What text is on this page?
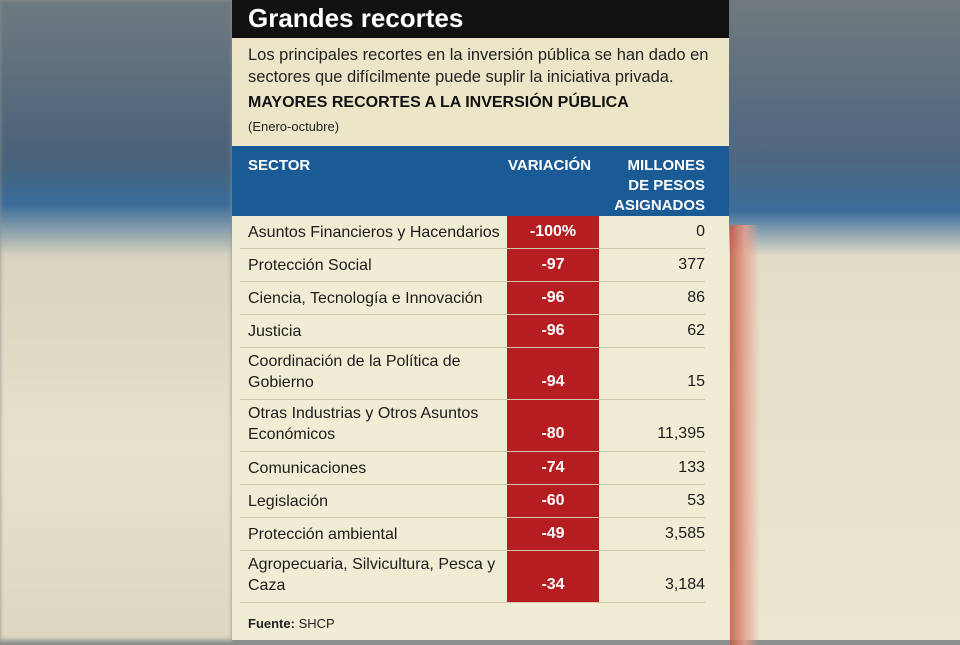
Grandes recortes
Los principales recortes en la inversión pública se han dado en sectores que difícilmente puede suplir la iniciativa privada.
MAYORES RECORTES A LA INVERSIÓN PÚBLICA
(Enero-octubre)
SECTOR	VARIACIÓN	MILLONES
DE PESOS
ASIGNADOS
Asuntos Financieros y Hacendarios	-100%	0
Protección Social	-97	377
Ciencia, Tecnología e Innovación	-96	86
Justicia	-96	62
Coordinación de la Política de Gobierno	-94	15
Otras Industrias y Otros Asuntos Económicos	-80	11,395
Comunicaciones	-74	133
Legislación	-60	53
Protección ambiental	-49	3,585
Agropecuaria, Silvicultura, Pesca y Caza	-34	3,184
Fuente: SHCP
